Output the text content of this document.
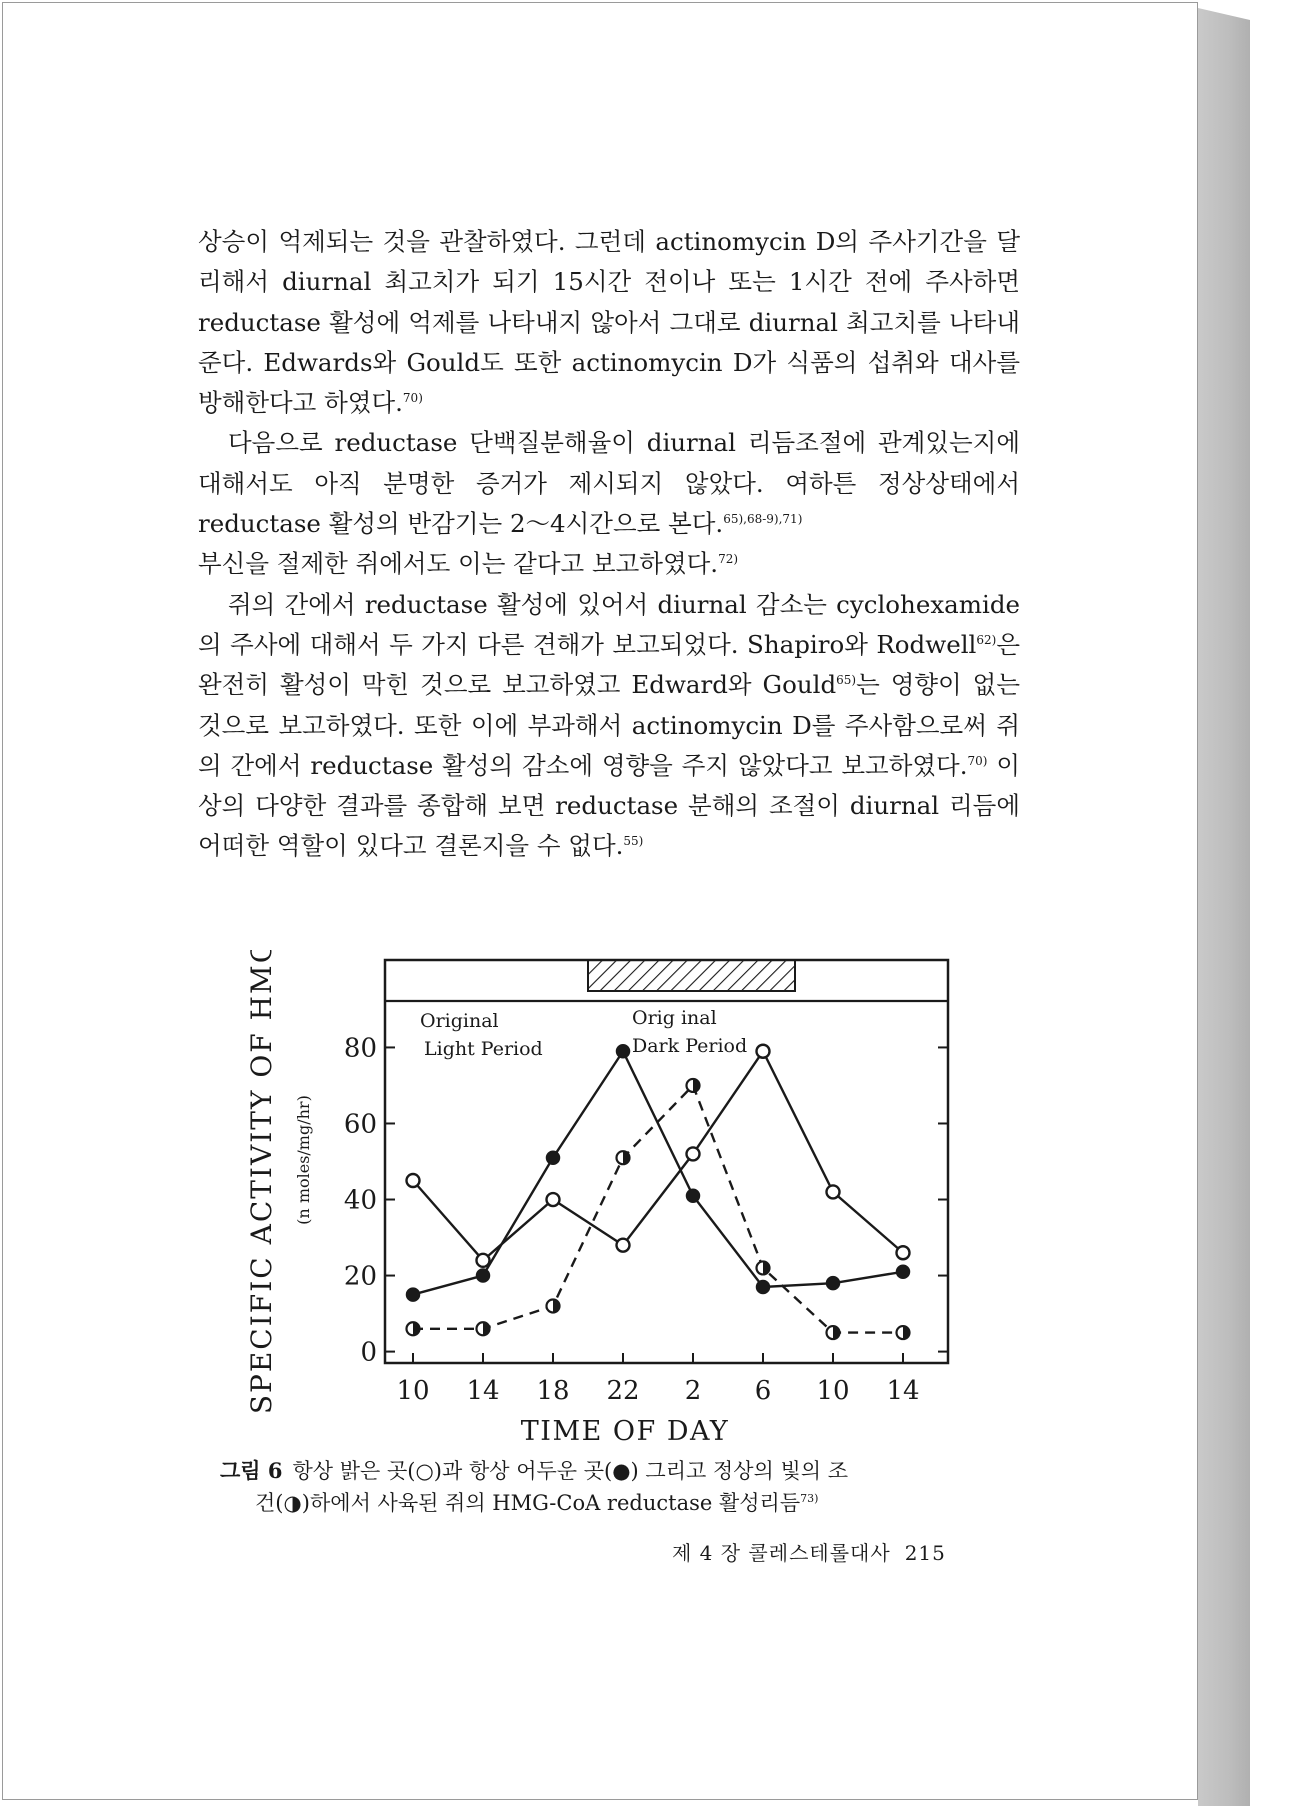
상승이 억제되는 것을 관찰하였다. 그런데 actinomycin D의 주사기간을 달리해서 diurnal 최고치가 되기 15시간 전이나 또는 1시간 전에 주사하면 reductase 활성에 억제를 나타내지 않아서 그대로 diurnal 최고치를 나타내 준다. Edwards와 Gould도 또한 actinomycin D가 식품의 섭취와 대사를 방해한다고 하였다.$^{70)}$

다음으로 reductase 단백질분해율이 diurnal 리듬조절에 관계있는지에 대해서도 아직 분명한 증거가 제시되지 않았다. 여하튼 정상상태에서 reductase 활성의 반감기는 2～4시간으로 본다.$^{65),68-9),71)}$
부신을 절제한 쥐에서도 이는 같다고 보고하였다.$^{72)}$

쥐의 간에서 reductase 활성에 있어서 diurnal 감소는 cyclohexamide의 주사에 대해서 두 가지 다른 견해가 보고되었다. Shapiro와 Rodwell$^{62)}$은 완전히 활성이 막힌 것으로 보고하였고 Edward와 Gould$^{65)}$는 영향이 없는 것으로 보고하였다. 또한 이에 부과해서 actinomycin D를 주사함으로써 쥐의 간에서 reductase 활성의 감소에 영향을 주지 않았다고 보고하였다.$^{70)}$ 이상의 다양한 결과를 종합해 보면 reductase 분해의 조절이 diurnal 리듬에 어떠한 역할이 있다고 결론지을 수 없다.$^{55)}$

Original
Light Period
Orig inal
Dark Period
0
20
40
60
80
10 14 18 22 2 6 10 14
TIME OF DAY
SPECIFIC ACTIVITY OF HMGR (n moles/mg/hr)
그림 6 항상 밝은 곳(○)과 항상 어두운 곳(●) 그리고 정상의 빛의 조
건(◑)하에서 사육된 쥐의 HMG-CoA reductase 활성리듬$^{73)}$
제 4 장 콜레스테롤대사 215
